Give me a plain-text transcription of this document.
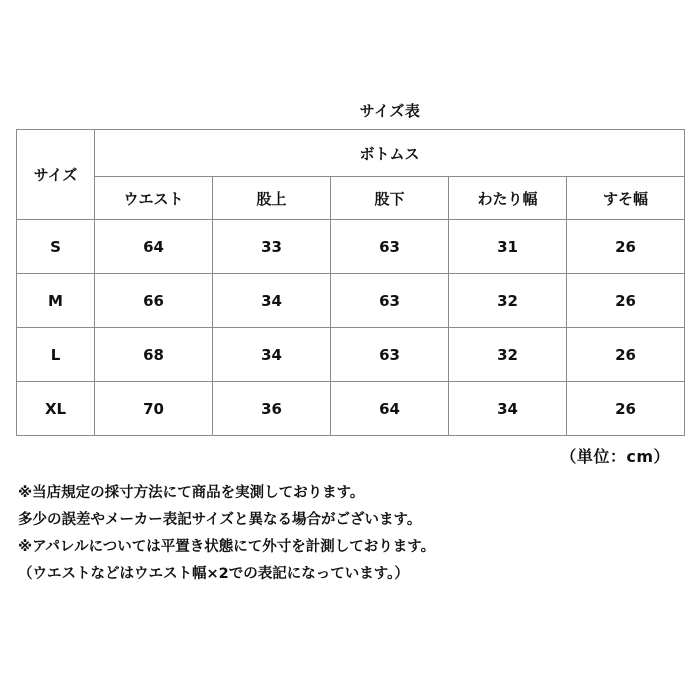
サイズ表
サイズ	ボトムス				
	ウエスト	股上	股下	わたり幅	すそ幅
S	64	33	63	31	26
M	66	34	63	32	26
L	68	34	63	32	26
XL	70	36	64	34	26
（単位：cm）
※当店規定の採寸方法にて商品を実測しております。
多少の誤差やメーカー表記サイズと異なる場合がございます。
※アパレルについては平置き状態にて外寸を計測しております。
（ウエストなどはウエスト幅×2での表記になっています。）
